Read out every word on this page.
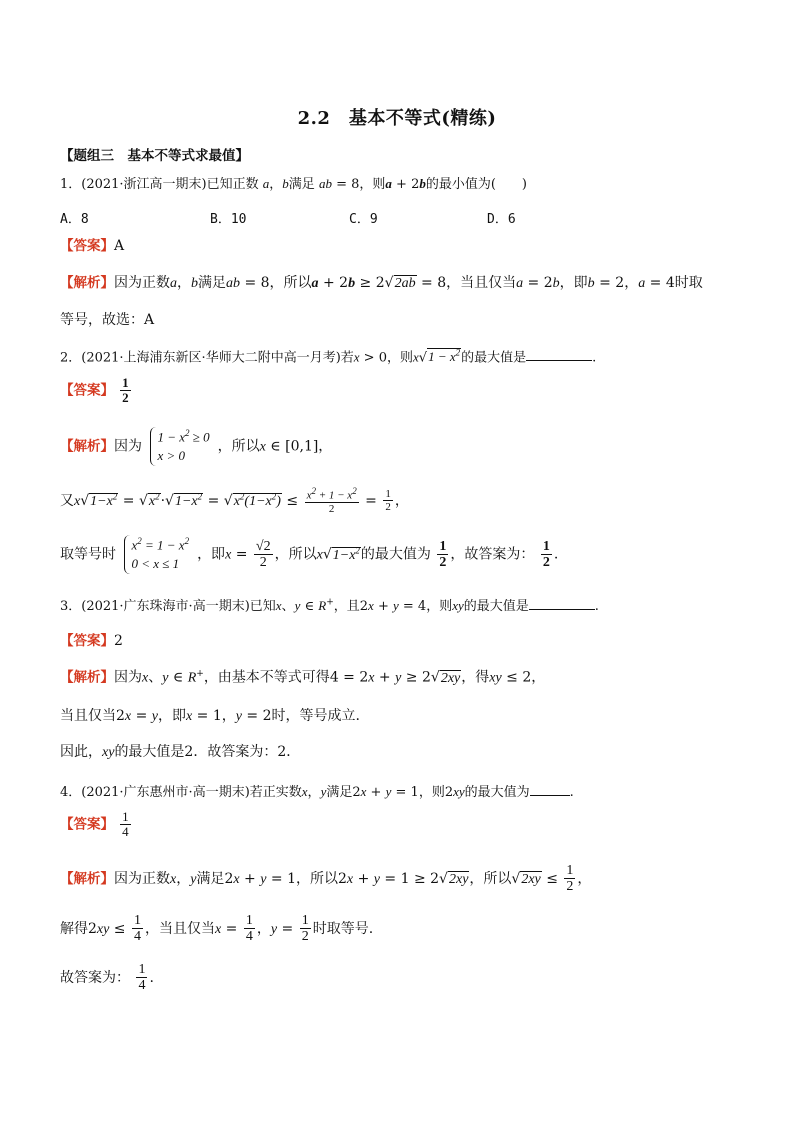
2.2　基本不等式(精练)
【题组三　基本不等式求最值】
1．(2021·浙江高一期末)已知正数 a，b满足 ab = 8，则a + 2b的最小值为(　　)
A．8	B．10	C．9	D．6
【答案】A
【解析】因为正数a，b满足ab = 8，所以a + 2b ≥ 2√2ab = 8，当且仅当a = 2b，即b = 2，a = 4时取
等号，故选：A
2．(2021·上海浦东新区·华师大二附中高一月考)若x > 0，则$x√1 - x^2$的最大值是	.
【答案】 $\frac{1}{2}$
【解析】因为
$1 - x^2 \ge 0$
x > 0
，所以x ∈ [0,1]，
又$x√1-x^2 = √x^2\cdot√1-x^2 = √x^2(1-x^2) \le \frac{x^2 + 1 - x^2}{2} = \frac{1}{2}$ ，
取等号时
$x^2 = 1 - x^2$
0 < x ≤ 1
，即$x = \frac{√2}{2}$ ，所以$x√1-x^2$的最大值为 $\frac{1}{2}$ ，故答案为： $\frac{1}{2}$ .
3．(2021·广东珠海市·高一期末)已知x、y ∈ R+，且2x + y = 4，则xy的最大值是	.
【答案】2
【解析】因为x、y ∈ R+，由基本不等式可得4 = 2x + y ≥ 2√2xy，得xy ≤ 2，
当且仅当2x = y，即x = 1，y = 2时，等号成立.
因此，xy的最大值是2．故答案为：2．
4．(2021·广东惠州市·高一期末)若正实数x，y满足2x + y = 1，则2xy的最大值为	.
【答案】 $\frac{1}{4}$
【解析】因为正数x，y满足2x + y = 1，所以2x + y = 1 ≥ 2√2xy，所以$√2xy \le \frac{1}{2}$ ，
解得$2xy \le \frac{1}{4}$ ，当且仅当$x = \frac{1}{4}$ ，$y = \frac{1}{2}$ 时取等号.
故答案为： $\frac{1}{4}$ .
